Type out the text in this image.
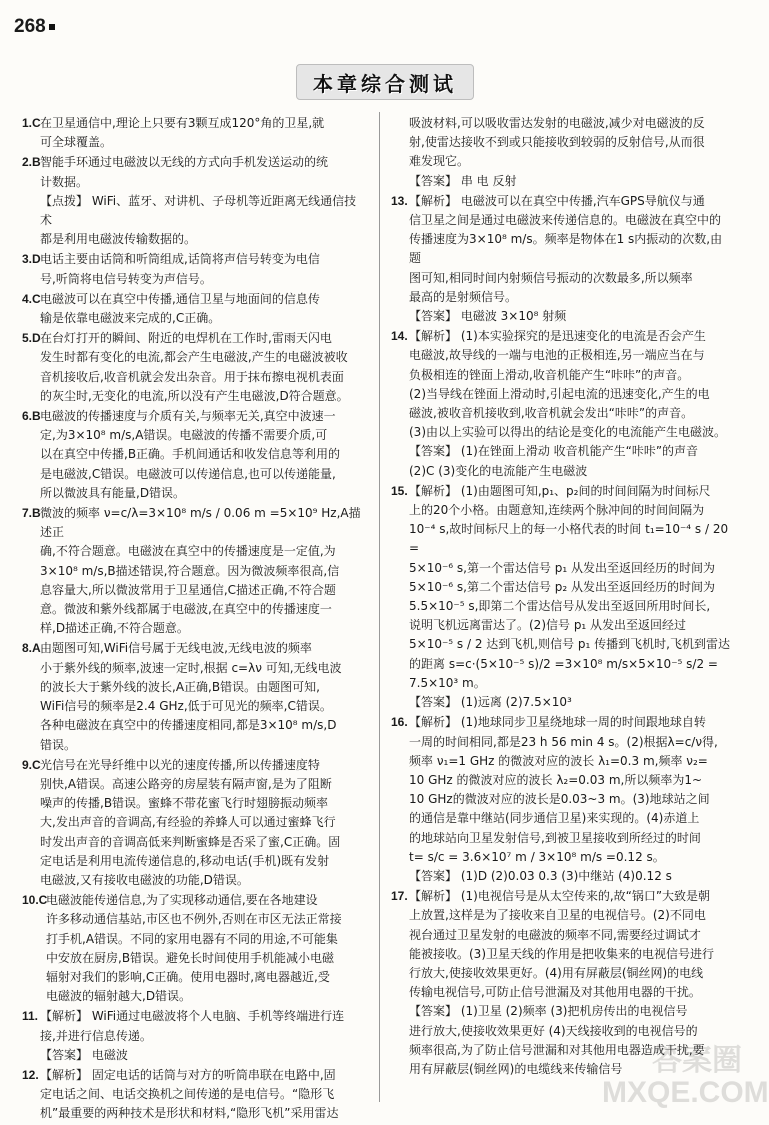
268
本章综合测试
1.C 在卫星通信中,理论上只要有3颗互成120°角的卫星,就
可全球覆盖。
2.B 智能手环通过电磁波以无线的方式向手机发送运动的统
计数据。
【点拨】 WiFi、蓝牙、对讲机、子母机等近距离无线通信技术
都是利用电磁波传输数据的。
3.D 电话主要由话筒和听筒组成,话筒将声信号转变为电信
号,听筒将电信号转变为声信号。
4.C 电磁波可以在真空中传播,通信卫星与地面间的信息传
输是依靠电磁波来完成的,C正确。
5.D 在台灯打开的瞬间、附近的电焊机在工作时,雷雨天闪电
发生时都有变化的电流,都会产生电磁波,产生的电磁波被收
音机接收后,收音机就会发出杂音。用于抹布擦电视机表面
的灰尘时,无变化的电流,所以没有产生电磁波,D符合题意。
6.B 电磁波的传播速度与介质有关,与频率无关,真空中波速一
定,为3×10⁸ m/s,A错误。电磁波的传播不需要介质,可
以在真空中传播,B正确。手机间通话和收发信息等利用的
是电磁波,C错误。电磁波可以传递信息,也可以传递能量,
所以微波具有能量,D错误。
7.B 微波的频率 ν=c/λ=3×10⁸ m/s / 0.06 m =5×10⁹ Hz,A描述正
确,不符合题意。电磁波在真空中的传播速度是一定值,为
3×10⁸ m/s,B描述错误,符合题意。因为微波频率很高,信
息容量大,所以微波常用于卫星通信,C描述正确,不符合题
意。微波和紫外线都属于电磁波,在真空中的传播速度一
样,D描述正确,不符合题意。
8.A 由题图可知,WiFi信号属于无线电波,无线电波的频率
小于紫外线的频率,波速一定时,根据 c=λν 可知,无线电波
的波长大于紫外线的波长,A正确,B错误。由题图可知,
WiFi信号的频率是2.4 GHz,低于可见光的频率,C错误。
各种电磁波在真空中的传播速度相同,都是3×10⁸ m/s,D
错误。
9.C 光信号在光导纤维中以光的速度传播,所以传播速度特
别快,A错误。高速公路旁的房屋装有隔声窗,是为了阻断
噪声的传播,B错误。蜜蜂不带花蜜飞行时翅膀振动频率
大,发出声音的音调高,有经验的养蜂人可以通过蜜蜂飞行
时发出声音的音调高低来判断蜜蜂是否采了蜜,C正确。固
定电话是利用电流传递信息的,移动电话(手机)既有发射
电磁波,又有接收电磁波的功能,D错误。
10.C
电磁波能传递信息,为了实现移动通信,要在各地建设
许多移动通信基站,市区也不例外,否则在市区无法正常接
打手机,A错误。不同的家用电器有不同的用途,不可能集
中安放在厨房,B错误。避免长时间使用手机能减小电磁
辐射对我们的影响,C正确。使用电器时,离电器越近,受
电磁波的辐射越大,D错误。
11. 【解析】 WiFi通过电磁波将个人电脑、手机等终端进行连
接,并进行信息传递。
【答案】 电磁波
12. 【解析】 固定电话的话筒与对方的听筒串联在电路中,固
定电话之间、电话交换机之间传递的是电信号。“隐形飞
机”最重要的两种技术是形状和材料,“隐形飞机”采用雷达
吸波材料,可以吸收雷达发射的电磁波,减少对电磁波的反
射,使雷达接收不到或只能接收到较弱的反射信号,从而很
难发现它。
【答案】 串 电 反射
13. 【解析】 电磁波可以在真空中传播,汽车GPS导航仪与通
信卫星之间是通过电磁波来传递信息的。电磁波在真空中的
传播速度为3×10⁸ m/s。频率是物体在1 s内振动的次数,由题
图可知,相同时间内射频信号振动的次数最多,所以频率
最高的是射频信号。
【答案】 电磁波 3×10⁸ 射频
14. 【解析】 (1)本实验探究的是迅速变化的电流是否会产生
电磁波,故导线的一端与电池的正极相连,另一端应当在与
负极相连的锉面上滑动,收音机能产生“咔咔”的声音。
(2)当导线在锉面上滑动时,引起电流的迅速变化,产生的电
磁波,被收音机接收到,收音机就会发出“咔咔”的声音。
(3)由以上实验可以得出的结论是变化的电流能产生电磁波。
【答案】 (1)在锉面上滑动 收音机能产生“咔咔”的声音
(2)C (3)变化的电流能产生电磁波
15. 【解析】 (1)由题图可知,p₁、p₂间的时间间隔为时间标尺
上的20个小格。由题意知,连续两个脉冲间的时间间隔为
10⁻⁴ s,故时间标尺上的每一小格代表的时间 t₁=10⁻⁴ s / 20 =
5×10⁻⁶ s,第一个雷达信号 p₁ 从发出至返回经历的时间为
5×10⁻⁶ s,第二个雷达信号 p₂ 从发出至返回经历的时间为
5.5×10⁻⁵ s,即第二个雷达信号从发出至返回所用时间长,
说明飞机远离雷达了。(2)信号 p₁ 从发出至返回经过
5×10⁻⁵ s / 2 达到飞机,则信号 p₁ 传播到飞机时,飞机到雷达
的距离 s=c·(5×10⁻⁵ s)/2 =3×10⁸ m/s×5×10⁻⁵ s/2 =
7.5×10³ m。
【答案】 (1)远离 (2)7.5×10³
16. 【解析】 (1)地球同步卫星绕地球一周的时间跟地球自转
一周的时间相同,都是23 h 56 min 4 s。(2)根据λ=c/ν得,
频率 ν₁=1 GHz 的微波对应的波长 λ₁=0.3 m,频率 ν₂=
10 GHz 的微波对应的波长 λ₂=0.03 m,所以频率为1~
10 GHz的微波对应的波长是0.03~3 m。(3)地球站之间
的通信是靠中继站(同步通信卫星)来实现的。(4)赤道上
的地球站向卫星发射信号,到被卫星接收到所经过的时间
t= s/c = 3.6×10⁷ m / 3×10⁸ m/s =0.12 s。
【答案】 (1)D (2)0.03 0.3 (3)中继站 (4)0.12 s
17. 【解析】 (1)电视信号是从太空传来的,故“锅口”大致是朝
上放置,这样是为了接收来自卫星的电视信号。(2)不同电
视台通过卫星发射的电磁波的频率不同,需要经过调试才
能被接收。(3)卫星天线的作用是把收集来的电视信号进行
行放大,使接收效果更好。(4)用有屏蔽层(铜丝网)的电线
传输电视信号,可防止信号泄漏及对其他用电器的干扰。
【答案】 (1)卫星 (2)频率 (3)把机房传出的电视信号
进行放大,使接收效果更好 (4)天线接收到的电视信号的
频率很高,为了防止信号泄漏和对其他用电器造成干扰,要
用有屏蔽层(铜丝网)的电缆线来传输信号 答案圈 MXQE.COM
